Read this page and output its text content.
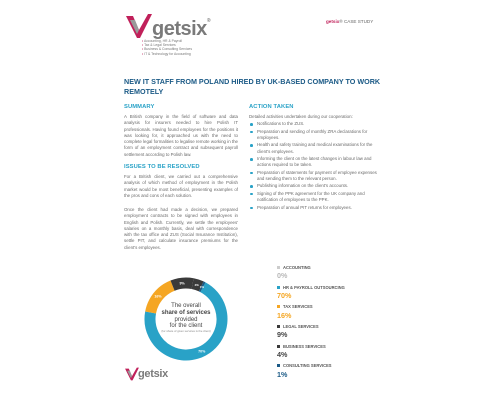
getsix®
• Accounting, HR & Payroll
• Tax & Legal Services
• Business & Consulting Services
• IT & Technology for Accounting
getsix® CASE STUDY
NEW IT STAFF FROM POLAND HIRED BY UK-BASED COMPANY TO WORK REMOTELY
SUMMARY
A British company in the field of software and data analysis for insurers needed to hire Polish IT professionals. Having found employees for the positions it was looking for, it approached us with the need to complete legal formalities to legalise remote working in the form of an employment contract and subsequent payroll settlement according to Polish law.
ISSUES TO BE RESOLVED
For a British client, we carried out a comprehensive analysis of which method of employment in the Polish market would be most beneficial, presenting examples of the pros and cons of each solution.
Once the client had made a decision, we prepared employment contracts to be signed with employees in English and Polish. Currently, we settle the employees' salaries on a monthly basis, deal with correspondence with the tax office and ZUS (Social Insurance Institution), settle PIT, and calculate insurance premiums for the client's employees.
ACTION TAKEN
Detailed activities undertaken during our cooperation:
Notifications to the ZUS.
Preparation and sending of monthly ZRA declarations for employees.
Health and safety training and medical examinations for the client's employees.
Informing the client on the latest changes in labour law and actions required to be taken.
Preparation of statements for payment of employee expenses and sending them to the relevant person.
Publishing information on the client's accounts.
Signing of the PPK agreement for the UK company and notification of employees to the PPK.
Preparation of annual PIT returns for employees.
70%
16%
9%	4%
1%
The overall
share of services
provided
for the client
(for share of given services is the client)
ACCOUNTING
0%
HR & PAYROLL OUTSOURCING
70%
TAX SERVICES
16%
LEGAL SERVICES
9%
BUSINESS SERVICES
4%
CONSULTING SERVICES
1%
getsix
